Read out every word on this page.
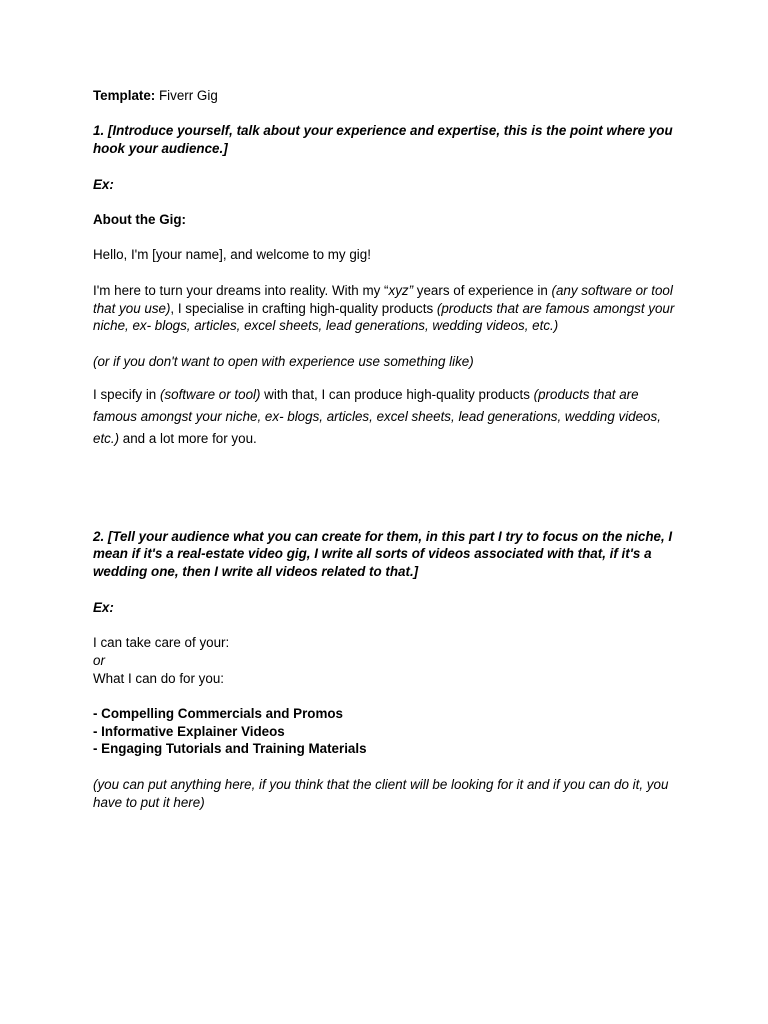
Template: Fiverr Gig

1. [Introduce yourself, talk about your experience and expertise, this is the point where you hook your audience.]

Ex:

About the Gig:

Hello, I'm [your name], and welcome to my gig!

I'm here to turn your dreams into reality. With my “xyz” years of experience in (any software or tool that you use), I specialise in crafting high-quality products (products that are famous amongst your niche, ex- blogs, articles, excel sheets, lead generations, wedding videos, etc.)

(or if you don't want to open with experience use something like)

I specify in (software or tool) with that, I can produce high-quality products (products that are famous amongst your niche, ex- blogs, articles, excel sheets, lead generations, wedding videos, etc.) and a lot more for you.

2. [Tell your audience what you can create for them, in this part I try to focus on the niche, I mean if it's a real-estate video gig, I write all sorts of videos associated with that, if it's a wedding one, then I write all videos related to that.]

Ex:

I can take care of your:

or

What I can do for you:

- Compelling Commercials and Promos

- Informative Explainer Videos

- Engaging Tutorials and Training Materials

(you can put anything here, if you think that the client will be looking for it and if you can do it, you have to put it here)
